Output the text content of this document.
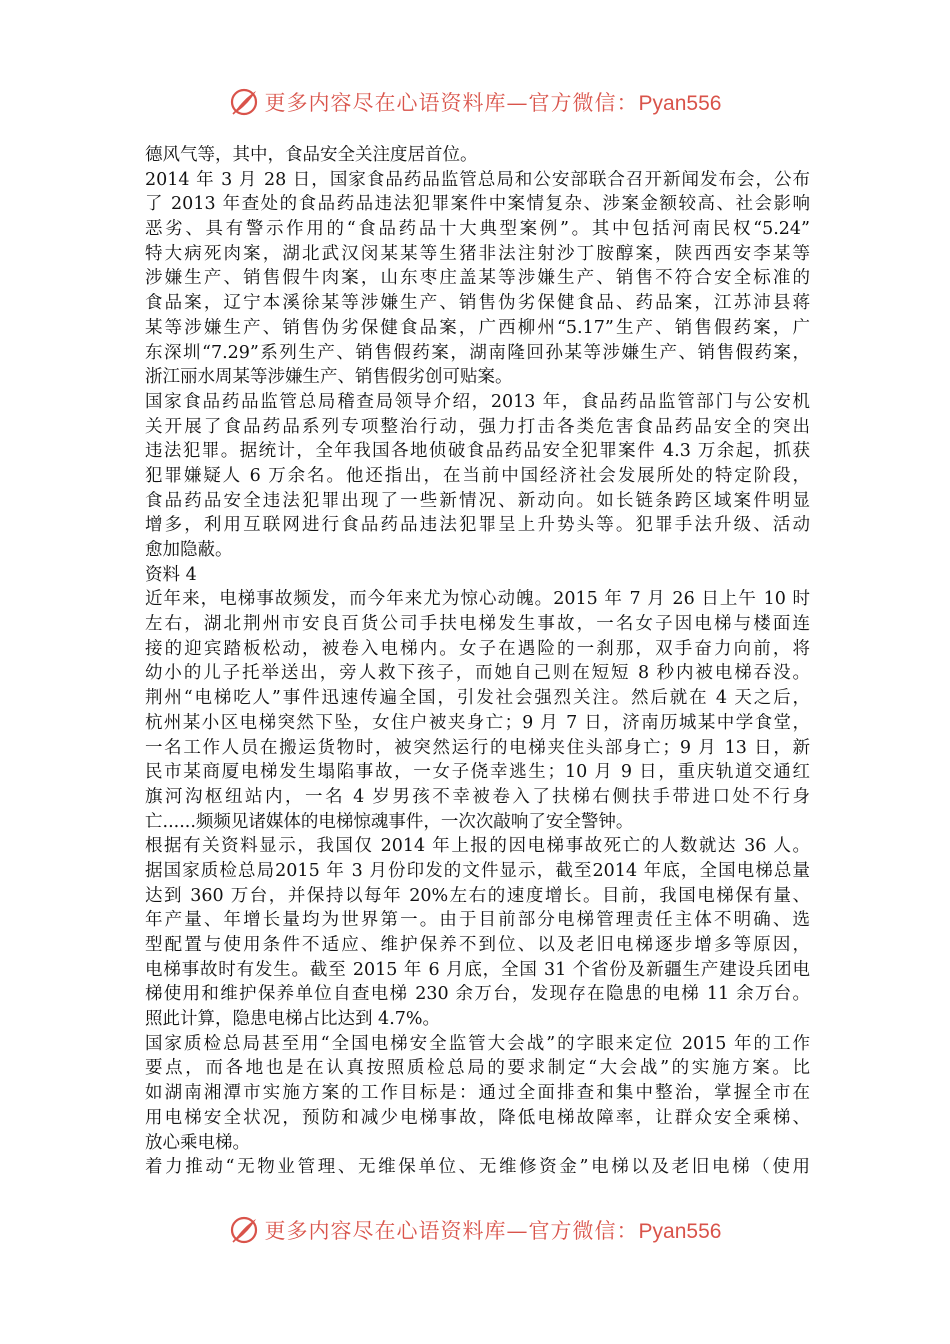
更多内容尽在心语资料库—官方微信：Pyan556
德风气等，其中，食品安全关注度居首位。
2014 年 3 月 28 日，国家食品药品监管总局和公安部联合召开新闻发布会，公布
了 2013 年查处的食品药品违法犯罪案件中案情复杂、涉案金额较高、社会影响
恶劣、具有警示作用的“食品药品十大典型案例”。其中包括河南民权“5.24”
特大病死肉案，湖北武汉闵某某等生猪非法注射沙丁胺醇案，陕西西安李某等
涉嫌生产、销售假牛肉案，山东枣庄盖某等涉嫌生产、销售不符合安全标准的
食品案，辽宁本溪徐某等涉嫌生产、销售伪劣保健食品、药品案，江苏沛县蒋
某等涉嫌生产、销售伪劣保健食品案，广西柳州“5.17”生产、销售假药案，广
东深圳“7.29”系列生产、销售假药案，湖南隆回孙某等涉嫌生产、销售假药案，
浙江丽水周某等涉嫌生产、销售假劣创可贴案。
国家食品药品监管总局稽查局领导介绍，2013 年，食品药品监管部门与公安机
关开展了食品药品系列专项整治行动，强力打击各类危害食品药品安全的突出
违法犯罪。据统计，全年我国各地侦破食品药品安全犯罪案件 4.3 万余起，抓获
犯罪嫌疑人 6 万余名。他还指出，在当前中国经济社会发展所处的特定阶段，
食品药品安全违法犯罪出现了一些新情况、新动向。如长链条跨区域案件明显
增多，利用互联网进行食品药品违法犯罪呈上升势头等。犯罪手法升级、活动
愈加隐蔽。
资料 4
近年来，电梯事故频发，而今年来尤为惊心动魄。2015 年 7 月 26 日上午 10 时
左右，湖北荆州市安良百货公司手扶电梯发生事故，一名女子因电梯与楼面连
接的迎宾踏板松动，被卷入电梯内。女子在遇险的一刹那，双手奋力向前，将
幼小的儿子托举送出，旁人救下孩子，而她自己则在短短 8 秒内被电梯吞没。
荆州“电梯吃人”事件迅速传遍全国，引发社会强烈关注。然后就在 4 天之后，
杭州某小区电梯突然下坠，女住户被夹身亡；9 月 7 日，济南历城某中学食堂，
一名工作人员在搬运货物时，被突然运行的电梯夹住头部身亡；9 月 13 日，新
民市某商厦电梯发生塌陷事故，一女子侥幸逃生；10 月 9 日，重庆轨道交通红
旗河沟枢纽站内，一名 4 岁男孩不幸被卷入了扶梯右侧扶手带进口处不行身
亡......频频见诸媒体的电梯惊魂事件，一次次敲响了安全警钟。
根据有关资料显示，我国仅 2014 年上报的因电梯事故死亡的人数就达 36 人。
据国家质检总局2015 年 3 月份印发的文件显示，截至2014 年底，全国电梯总量
达到 360 万台，并保持以每年 20%左右的速度增长。目前，我国电梯保有量、
年产量、年增长量均为世界第一。由于目前部分电梯管理责任主体不明确、选
型配置与使用条件不适应、维护保养不到位、以及老旧电梯逐步增多等原因，
电梯事故时有发生。截至 2015 年 6 月底，全国 31 个省份及新疆生产建设兵团电
梯使用和维护保养单位自查电梯 230 余万台，发现存在隐患的电梯 11 余万台。
照此计算，隐患电梯占比达到 4.7%。
国家质检总局甚至用“全国电梯安全监管大会战”的字眼来定位 2015 年的工作
要点，而各地也是在认真按照质检总局的要求制定“大会战”的实施方案。比
如湖南湘潭市实施方案的工作目标是：通过全面排查和集中整治，掌握全市在
用电梯安全状况，预防和减少电梯事故，降低电梯故障率，让群众安全乘梯、
放心乘电梯。
着力推动“无物业管理、无维保单位、无维修资金”电梯以及老旧电梯（使用
更多内容尽在心语资料库—官方微信：Pyan556
